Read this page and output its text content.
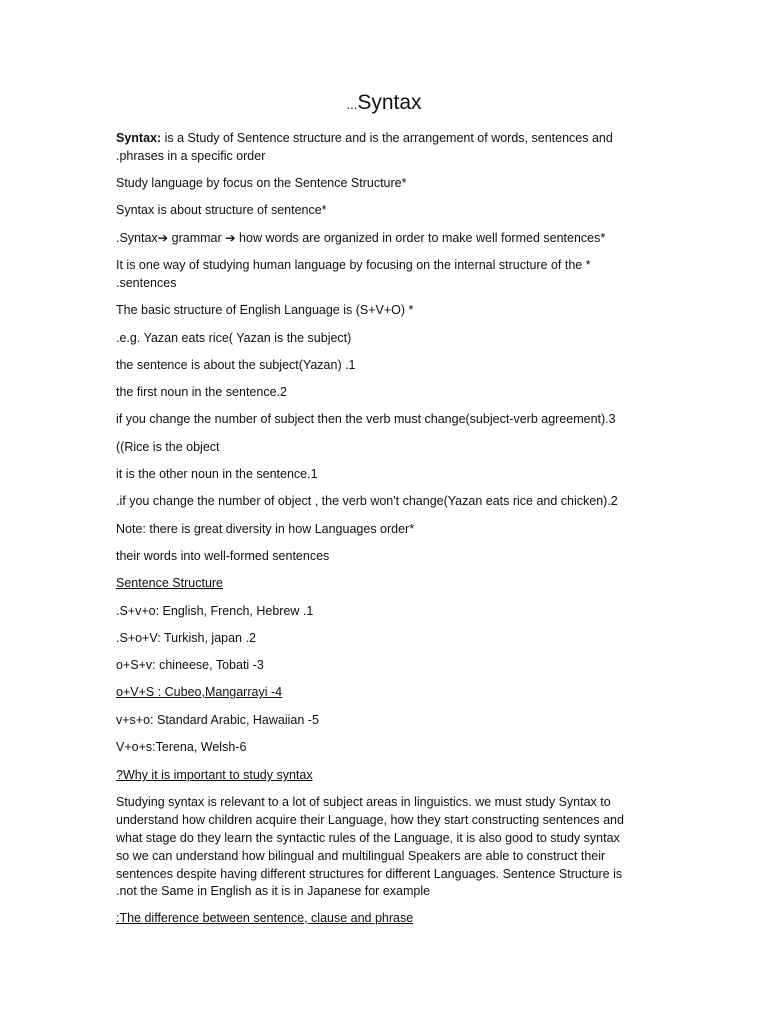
...Syntax
Syntax: is a Study of Sentence structure and is the arrangement of words, sentences and
.phrases in a specific order
Study language by focus on the Sentence Structure*
Syntax is about structure of sentence*
.Syntax➔ grammar ➔ how words are organized in order to make well formed sentences*
It is one way of studying human language by focusing on the internal structure of the *
.sentences
The basic structure of English Language is (S+V+O) *
.e.g. Yazan eats rice( Yazan is the subject)
the sentence is about the subject(Yazan) .1
the first noun in the sentence.2
if you change the number of subject then the verb must change(subject-verb agreement).3
((Rice is the object
it is the other noun in the sentence.1
.if you change the number of object , the verb won't change(Yazan eats rice and chicken).2
Note: there is great diversity in how Languages order*
their words into well-formed sentences
Sentence Structure
.S+v+o: English, French, Hebrew .1
.S+o+V: Turkish, japan .2
o+S+v: chineese, Tobati -3
o+V+S : Cubeo,Mangarrayi -4
v+s+o: Standard Arabic, Hawaiian -5
V+o+s:Terena, Welsh-6
?Why it is important to study syntax
Studying syntax is relevant to a lot of subject areas in linguistics. we must study Syntax to
understand how children acquire their Language, how they start constructing sentences and
what stage do they learn the syntactic rules of the Language, it is also good to study syntax
so we can understand how bilingual and multilingual Speakers are able to construct their
sentences despite having different structures for different Languages. Sentence Structure is
.not the Same in English as it is in Japanese for example
:The difference between sentence, clause and phrase
